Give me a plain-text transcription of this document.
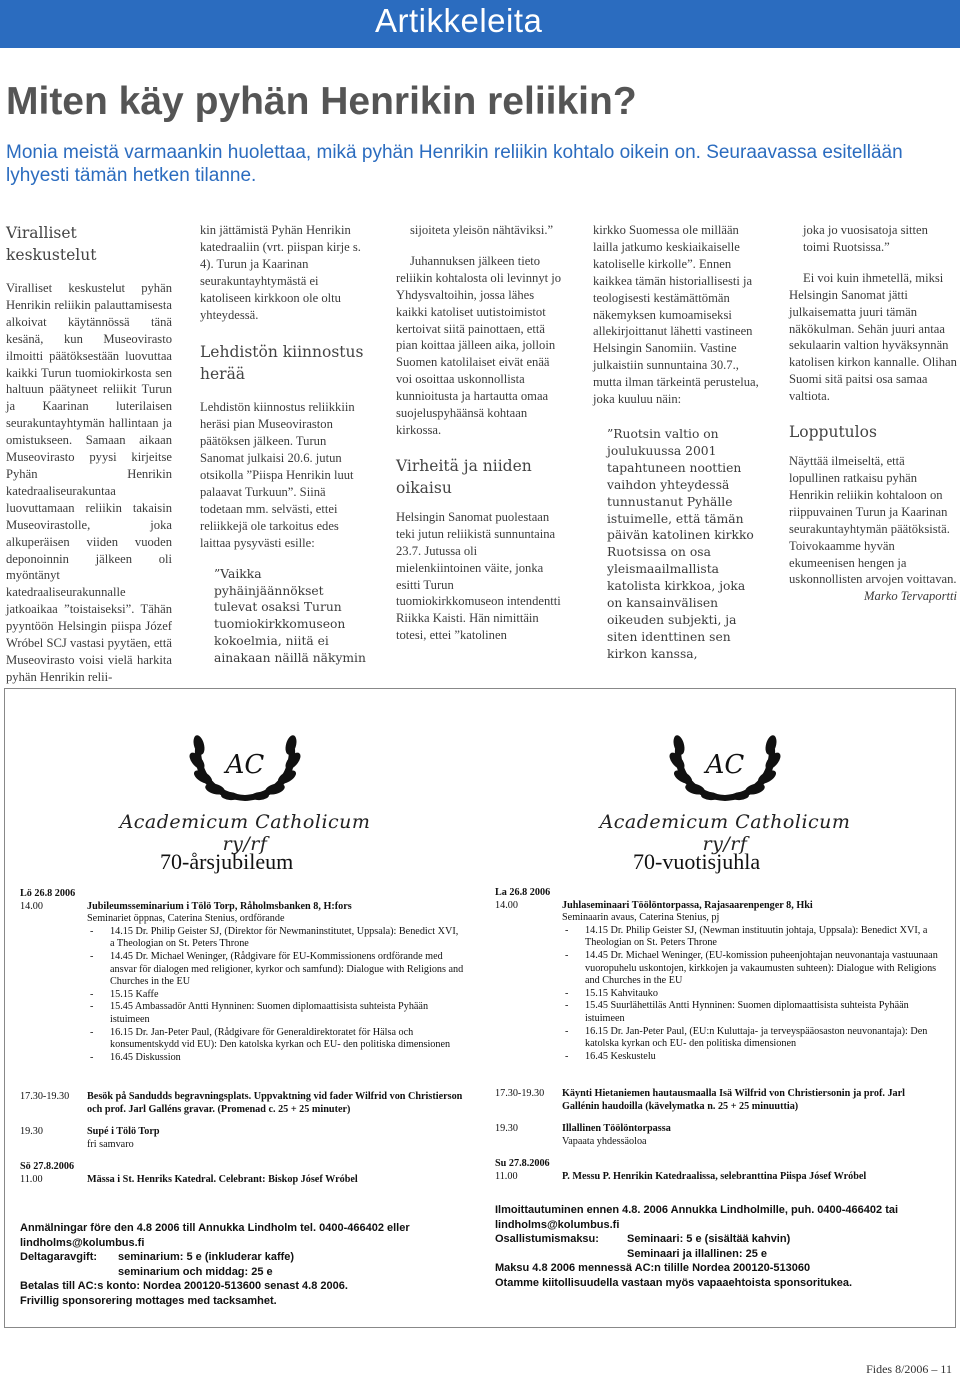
Artikkeleita
Miten käy pyhän Henrikin reliikin?

Monia meistä varmaankin huolettaa, mikä pyhän Henrikin reliikin kohtalo oikein on. Seuraavassa esitellään lyhyesti tämän hetken tilanne.

Viralliset keskustelut

Viralliset keskustelut pyhän Henrikin reliikin palauttamisesta alkoivat käytännössä tänä kesänä, kun Museovirasto ilmoitti päätöksestään luovuttaa kaikki Turun tuomiokirkosta sen haltuun päätyneet reliikit Turun ja Kaarinan luterilaisen seurakuntayhtymän hallintaan ja omistukseen. Samaan aikaan Museovirasto pyysi kirjeitse Pyhän Henrikin katedraaliseurakuntaa luovuttamaan reliikin takaisin Museovirastolle, joka alkuperäisen viiden vuoden deponoinnin jälkeen oli myöntänyt katedraaliseurakunnalle jatkoaikaa ”toistaiseksi”. Tähän pyyntöön Helsingin piispa Józef Wróbel SCJ vastasi pyytäen, että Museovirasto voisi vielä harkita pyhän Henrikin relii-

kin jättämistä Pyhän Henrikin katedraaliin (vrt. piispan kirje s. 4). Turun ja Kaarinan seurakuntayhtymästä ei katoliseen kirkkoon ole oltu yhteydessä.

Lehdistön kiinnostus herää

Lehdistön kiinnostus reliikkiin heräsi pian Museoviraston päätöksen jälkeen. Turun Sanomat julkaisi 20.6. jutun otsikolla ”Piispa Henrikin luut palaavat Turkuun”. Siinä todetaan mm. selvästi, ettei reliikkejä ole tarkoitus edes laittaa pysyvästi esille:

”Vaikka pyhäinjäännökset tulevat osaksi Turun tuomiokirkkomuseon kokoelmia, niitä ei ainakaan näillä näkymin

sijoiteta yleisön nähtäviksi.”

Juhannuksen jälkeen tieto reliikin kohtalosta oli levinnyt jo Yhdysvaltoihin, jossa lähes kaikki katoliset uutistoimistot kertoivat siitä painottaen, että pian koittaa jälleen aika, jolloin Suomen katolilaiset eivät enää voi osoittaa uskonnollista kunnioitusta ja hartautta omaa suojeluspyhäänsä kohtaan kirkossa.

Virheitä ja niiden oikaisu

Helsingin Sanomat puolestaan teki jutun reliikistä sunnuntaina 23.7. Jutussa oli mielenkiintoinen väite, jonka esitti Turun tuomiokirkkomuseon intendentti Riikka Kaisti. Hän nimittäin totesi, ettei ”katolinen

kirkko Suomessa ole millään lailla jatkumo keskiaikaiselle katoliselle kirkolle”. Ennen kaikkea tämän historiallisesti ja teologisesti kestämättömän näkemyksen kumoamiseksi allekirjoittanut lähetti vastineen Helsingin Sanomiin. Vastine julkaistiin sunnuntaina 30.7., mutta ilman tärkeintä perustelua, joka kuuluu näin:

”Ruotsin valtio on joulukuussa 2001 tapahtuneen noottien vaihdon yhteydessä tunnustanut Pyhälle istuimelle, että tämän päivän katolinen kirkko Ruotsissa on osa yleismaailmallista katolista kirkkoa, joka on kansainvälisen oikeuden subjekti, ja siten identtinen sen kirkon kanssa,

joka jo vuosisatoja sitten toimi Ruotsissa.”

Ei voi kuin ihmetellä, miksi Helsingin Sanomat jätti julkaisematta juuri tämän näkökulman. Sehän juuri antaa sekulaarin valtion hyväksynnän katolisen kirkon kannalle. Olihan Suomi sitä paitsi osa samaa valtiota.

Lopputulos

Näyttää ilmeiseltä, että lopullinen ratkaisu pyhän Henrikin reliikin kohtaloon on riippuvainen Turun ja Kaarinan seurakuntayhtymän päätöksistä. Toivokaamme hyvän ekumeenisen hengen ja uskonnollisten arvojen voittavan.

Marko Tervaportti

AC
Academicum Catholicum ry/rf
AC
Academicum Catholicum ry/rf
70-årsjubileum	70-vuotisjuhla
Lö 26.8 2006
14.00	Jubileumsseminarium i Tölö Torp, Råholmsbanken 8, H:fors
Seminariet öppnas, Caterina Stenius, ordförande
-	14.15 Dr. Philip Geister SJ, (Direktor för Newmaninstitutet, Uppsala): Benedict XVI, a Theologian on St. Peters Throne
-	14.45 Dr. Michael Weninger, (Rådgivare för EU-Kommissionens ordförande med ansvar för dialogen med religioner, kyrkor och samfund): Dialogue with Religions and Churches in the EU
-	15.15 Kaffe
-	15.45 Ambassadör Antti Hynninen: Suomen diplomaattisista suhteista Pyhään istuimeen
-	16.15 Dr. Jan-Peter Paul, (Rådgivare för Generaldirektoratet för Hälsa och konsumentskydd vid EU): Den katolska kyrkan och EU- den politiska dimensionen
-	16.45 Diskussion
17.30-19.30	Besök på Sandudds begravningsplats. Uppvaktning vid fader Wilfrid von Christierson och prof. Jarl Galléns gravar. (Promenad c. 25 + 25 minuter)
19.30	Supé i Tölö Torp
fri samvaro
Sö 27.8.2006
11.00	Mässa i St. Henriks Katedral. Celebrant: Biskop Jósef Wróbel
La 26.8 2006
14.00	Juhlaseminaari Töölöntorpassa, Rajasaarenpenger 8, Hki
Seminaarin avaus, Caterina Stenius, pj
-	14.15 Dr. Philip Geister SJ, (Newman instituutin johtaja, Uppsala): Benedict XVI, a Theologian on St. Peters Throne
-	14.45 Dr. Michael Weninger, (EU-komission puheenjohtajan neuvonantaja vastuunaan vuoropuhelu uskontojen, kirkkojen ja vakaumusten suhteen): Dialogue with Religions and Churches in the EU
-	15.15 Kahvitauko
-	15.45 Suurlähettiläs Antti Hynninen: Suomen diplomaattisista suhteista Pyhään istuimeen
-	16.15 Dr. Jan-Peter Paul, (EU:n Kuluttaja- ja terveyspääosaston neuvonantaja): Den katolska kyrkan och EU- den politiska dimensionen
-	16.45 Keskustelu
17.30-19.30	Käynti Hietaniemen hautausmaalla Isä Wilfrid von Christiersonin ja prof. Jarl Gallénin haudoilla (kävelymatka n. 25 + 25 minuuttia)
19.30	Illallinen Töölöntorpassa
Vapaata yhdessäoloa
Su 27.8.2006
11.00	P. Messu P. Henrikin Katedraalissa, selebranttina Piispa Jósef Wróbel
Anmälningar före den 4.8 2006 till Annukka Lindholm tel. 0400-466402 eller lindholms@kolumbus.fi
Deltagaravgift:	seminarium: 5 e (inkluderar kaffe)
seminarium och middag: 25 e
Betalas till AC:s konto: Nordea 200120-513600 senast 4.8 2006.
Frivillig sponsorering mottages med tacksamhet.
Ilmoittautuminen ennen 4.8. 2006 Annukka Lindholmille, puh. 0400-466402 tai lindholms@kolumbus.fi
Osallistumismaksu:	Seminaari: 5 e (sisältää kahvin)
Seminaari ja illallinen: 25 e
Maksu 4.8 2006 mennessä AC:n tilille Nordea 200120-513060
Otamme kiitollisuudella vastaan myös vapaaehtoista sponsoritukea.
Fides 8/2006 – 11
